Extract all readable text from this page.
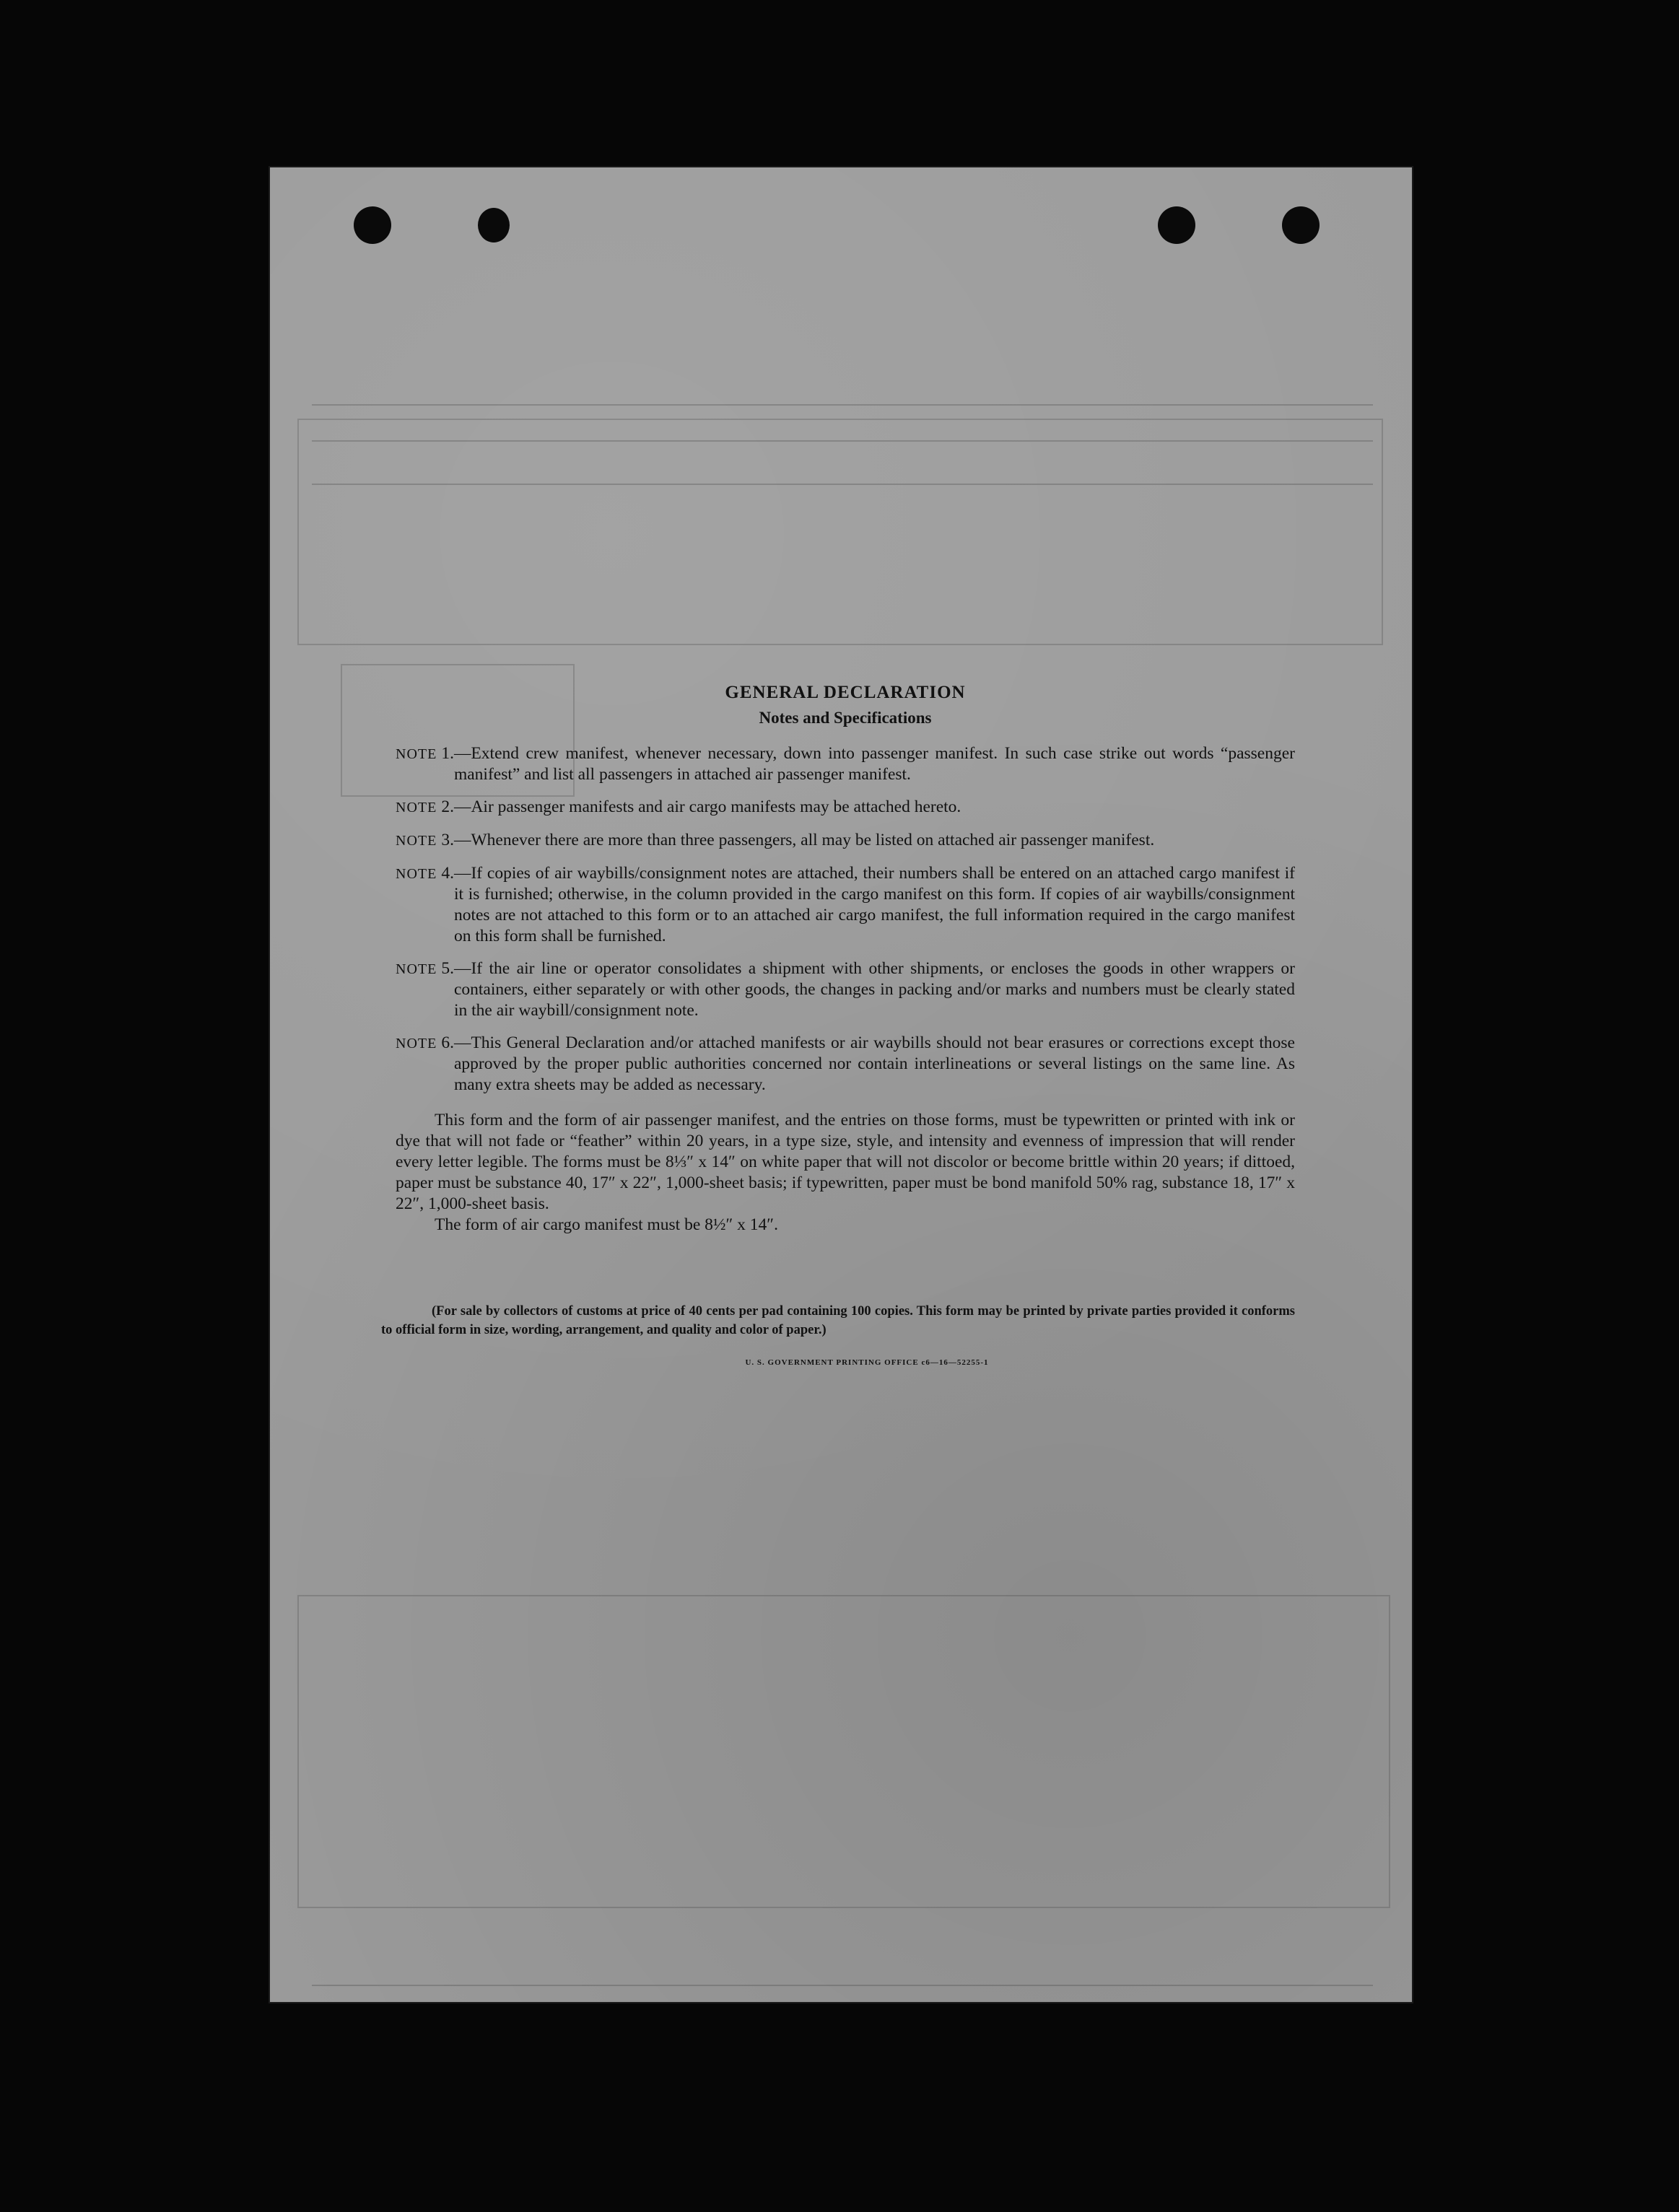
GENERAL DECLARATION
Notes and Specifications
NOTE 1. —Extend crew manifest, whenever necessary, down into passenger manifest. In such case strike out words “passenger manifest” and list all passengers in attached air passenger manifest.
NOTE 2. —Air passenger manifests and air cargo manifests may be attached hereto.
NOTE 3. —Whenever there are more than three passengers, all may be listed on attached air passenger manifest.
NOTE 4. —If copies of air waybills/consignment notes are attached, their numbers shall be entered on an attached cargo manifest if it is furnished; otherwise, in the column provided in the cargo manifest on this form. If copies of air waybills/consignment notes are not attached to this form or to an attached air cargo manifest, the full information required in the cargo manifest on this form shall be furnished.
NOTE 5. —If the air line or operator consolidates a shipment with other shipments, or encloses the goods in other wrappers or containers, either separately or with other goods, the changes in packing and/or marks and numbers must be clearly stated in the air waybill/consignment note.
NOTE 6. —This General Declaration and/or attached manifests or air waybills should not bear erasures or corrections except those approved by the proper public authorities concerned nor contain interlineations or several listings on the same line. As many extra sheets may be added as necessary.

This form and the form of air passenger manifest, and the entries on those forms, must be typewritten or printed with ink or dye that will not fade or “feather” within 20 years, in a type size, style, and intensity and evenness of impression that will render every letter legible. The forms must be 8⅓″ x 14″ on white paper that will not discolor or become brittle within 20 years; if dittoed, paper must be substance 40, 17″ x 22″, 1,000-sheet basis; if typewritten, paper must be bond manifold 50% rag, substance 18, 17″ x 22″, 1,000-sheet basis.

The form of air cargo manifest must be 8½″ x 14″.

(For sale by collectors of customs at price of 40 cents per pad containing 100 copies. This form may be printed by private parties provided it conforms to official form in size, wording, arrangement, and quality and color of paper.)

U. S. GOVERNMENT PRINTING OFFICE c6—16—52255-1
